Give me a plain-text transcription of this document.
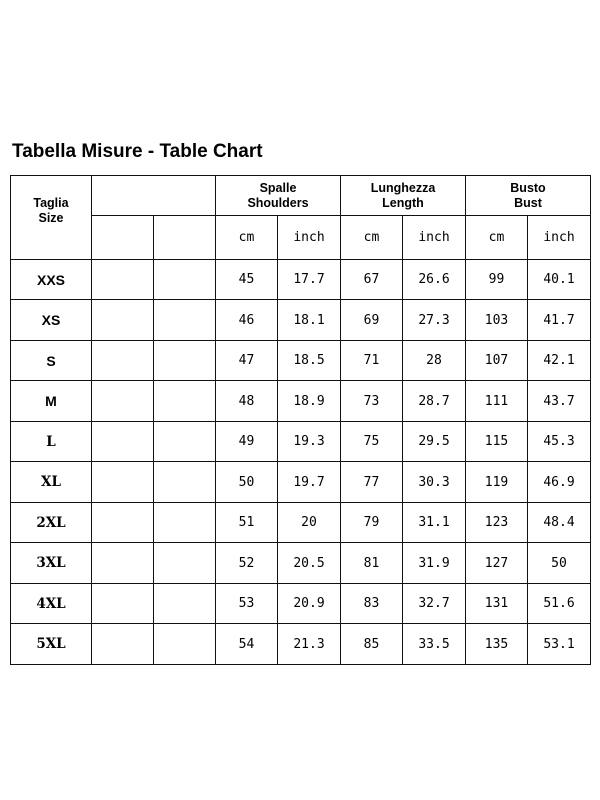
Tabella Misure - Table Chart
Taglia
Size			Spalle
Shoulders		Lunghezza
Length		Busto
Bust	

			cm	inch	cm	inch	cm	inch
XXS			45	17.7	67	26.6	99	40.1
XS			46	18.1	69	27.3	103	41.7
S			47	18.5	71	28	107	42.1
M			48	18.9	73	28.7	111	43.7
L			49	19.3	75	29.5	115	45.3
XL			50	19.7	77	30.3	119	46.9
2XL			51	20	79	31.1	123	48.4
3XL			52	20.5	81	31.9	127	50
4XL			53	20.9	83	32.7	131	51.6
5XL			54	21.3	85	33.5	135	53.1
